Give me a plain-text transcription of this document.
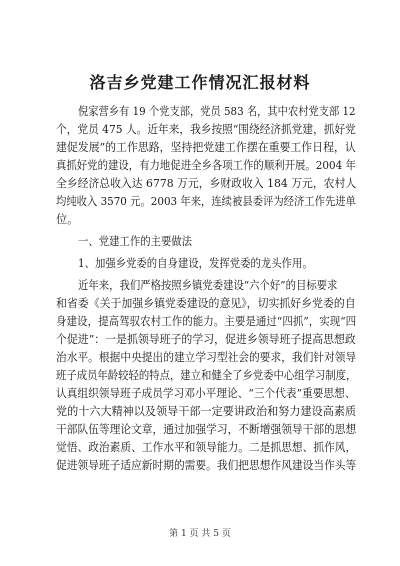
洛吉乡党建工作情况汇报材料
倪家营乡有 19 个党支部，党员 583 名，其中农村党支部 12
个，党员 475 人。近年来，我乡按照“围绕经济抓党建，抓好党
建促发展”的工作思路，坚持把党建工作摆在重要工作日程，认
真抓好党的建设，有力地促进全乡各项工作的顺利开展。2004 年
全乡经济总收入达 6778 万元，乡财政收入 184 万元，农村人
均纯收入 3570 元。2003 年来，连续被县委评为经济工作先进单
位。
一、党建工作的主要做法
1、加强乡党委的自身建设，发挥党委的龙头作用。
近年来，我们严格按照乡镇党委建设“六个好”的目标要求
和省委《关于加强乡镇党委建设的意见》，切实抓好乡党委的自
身建设，提高驾驭农村工作的能力。主要是通过“四抓”，实现“四
个促进”：一是抓领导班子的学习，促进乡领导班子提高思想政
治水平。根据中央提出的建立学习型社会的要求，我们针对领导
班子成员年龄较轻的特点，建立和健全了乡党委中心组学习制度，
认真组织领导班子成员学习邓小平理论、“三个代表”重要思想、
党的十六大精神以及领导干部一定要讲政治和努力建设高素质
干部队伍等理论文章，通过加强学习，不断增强领导干部的思想
觉悟、政治素质、工作水平和领导能力。二是抓思想、抓作风，
促进领导班子适应新时期的需要。我们把思想作风建设当作头等
第 1 页 共 5 页
